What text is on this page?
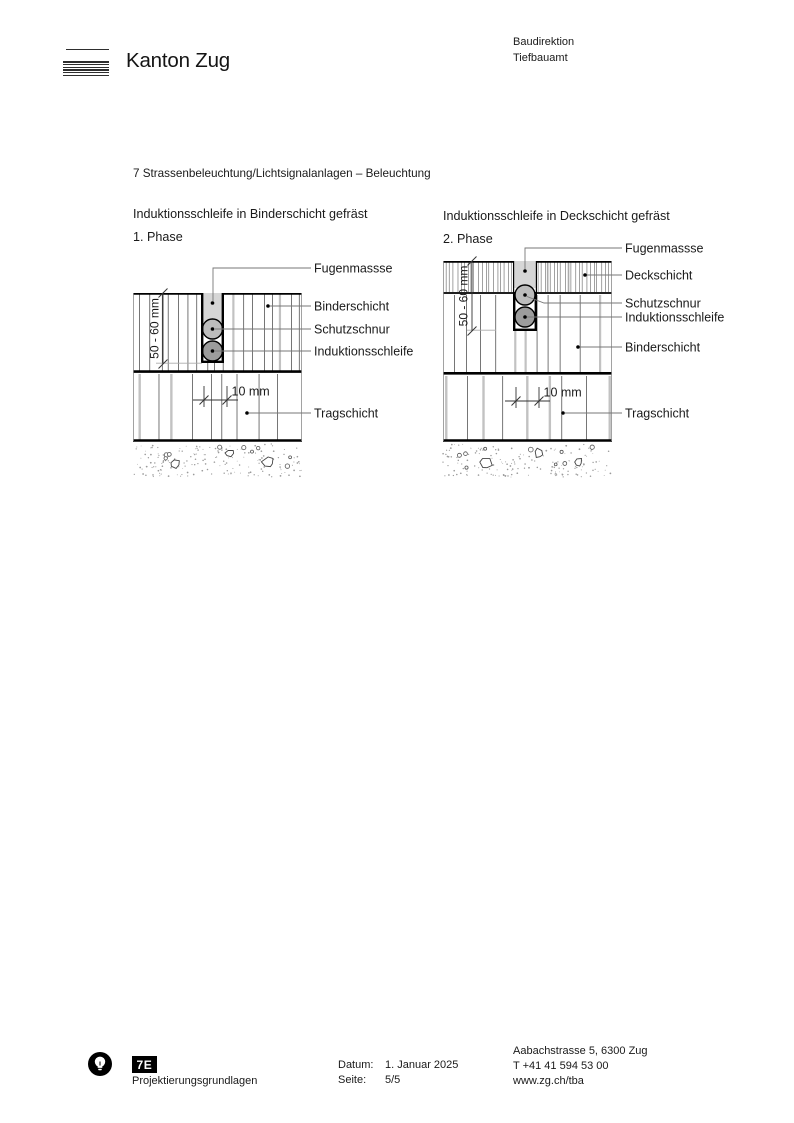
Kanton Zug
Baudirektion
Tiefbauamt
7 Strassenbeleuchtung/Lichtsignalanlagen – Beleuchtung
Induktionsschleife in Binderschicht gefräst
1. Phase
50 - 60 mm
10 mm
Fugenmassse
Binderschicht
Schutzschnur
Induktionsschleife
Tragschicht
Induktionsschleife in Deckschicht gefräst
2. Phase
50 - 60 mm
10 mm
Fugenmassse
Deckschicht
Schutzschnur
Induktionsschleife
Binderschicht
Tragschicht
7E
Projektierungsgrundlagen
Datum: 1. Januar 2025
Seite: 5/5
Aabachstrasse 5, 6300 Zug
T +41 41 594 53 00
www.zg.ch/tba
